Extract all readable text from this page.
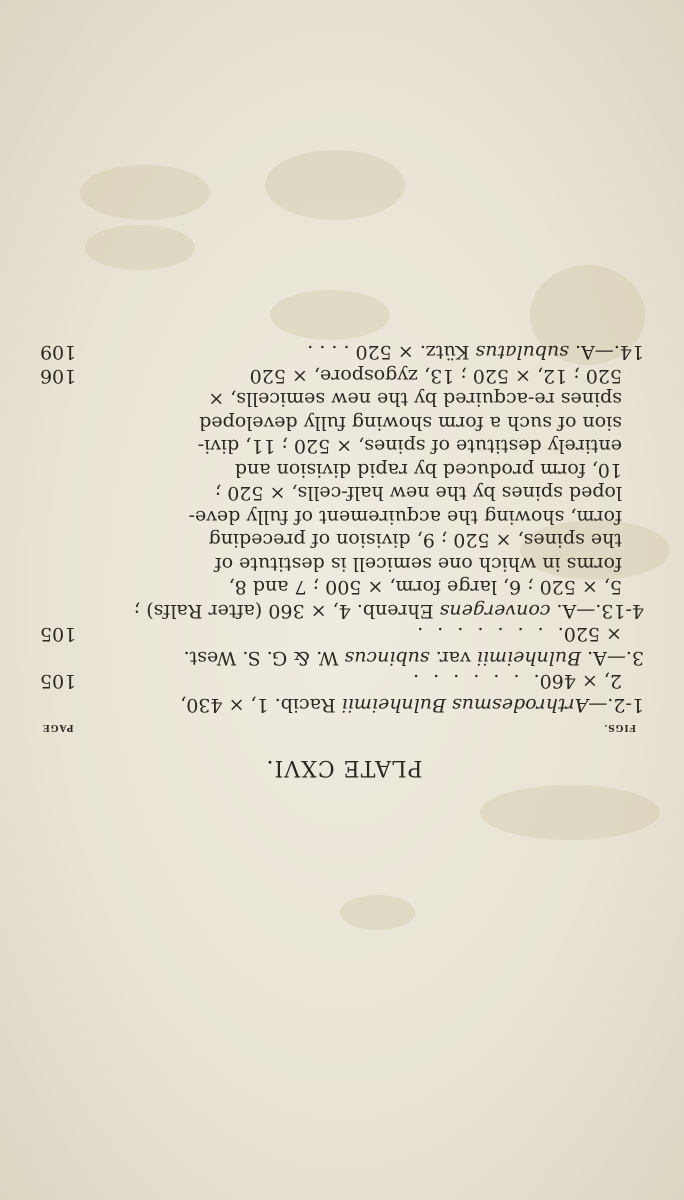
PLATE CXVI.
FIGS.
PAGE
1-2.—Arthrodesmus Bulnheimii Racib. 1, × 430,
2, × 460. . . . . . .
105
3.—A. Bulnheimii var. subincus W. & G. S. West.
× 520. . . . . . . .
105
4-13.—A. convergens Ehrenb. 4, × 360 (after Ralfs) ;
5, × 520 ; 6, large form, × 500 ; 7 and 8,
forms in which one semicell is destitute of
the spines, × 520 ; 9, division of preceding
form, showing the acquirement of fully deve-
loped spines by the new half-cells, × 520 ;
10, form produced by rapid division and
entirely destitute of spines, × 520 ; 11, divi-
sion of such a form showing fully developed
spines re-acquired by the new semicells, ×
520 ; 12, × 520 ; 13, zygospore, × 520
106
14.—A. subulatus Kütz. × 520 . . . .
109
